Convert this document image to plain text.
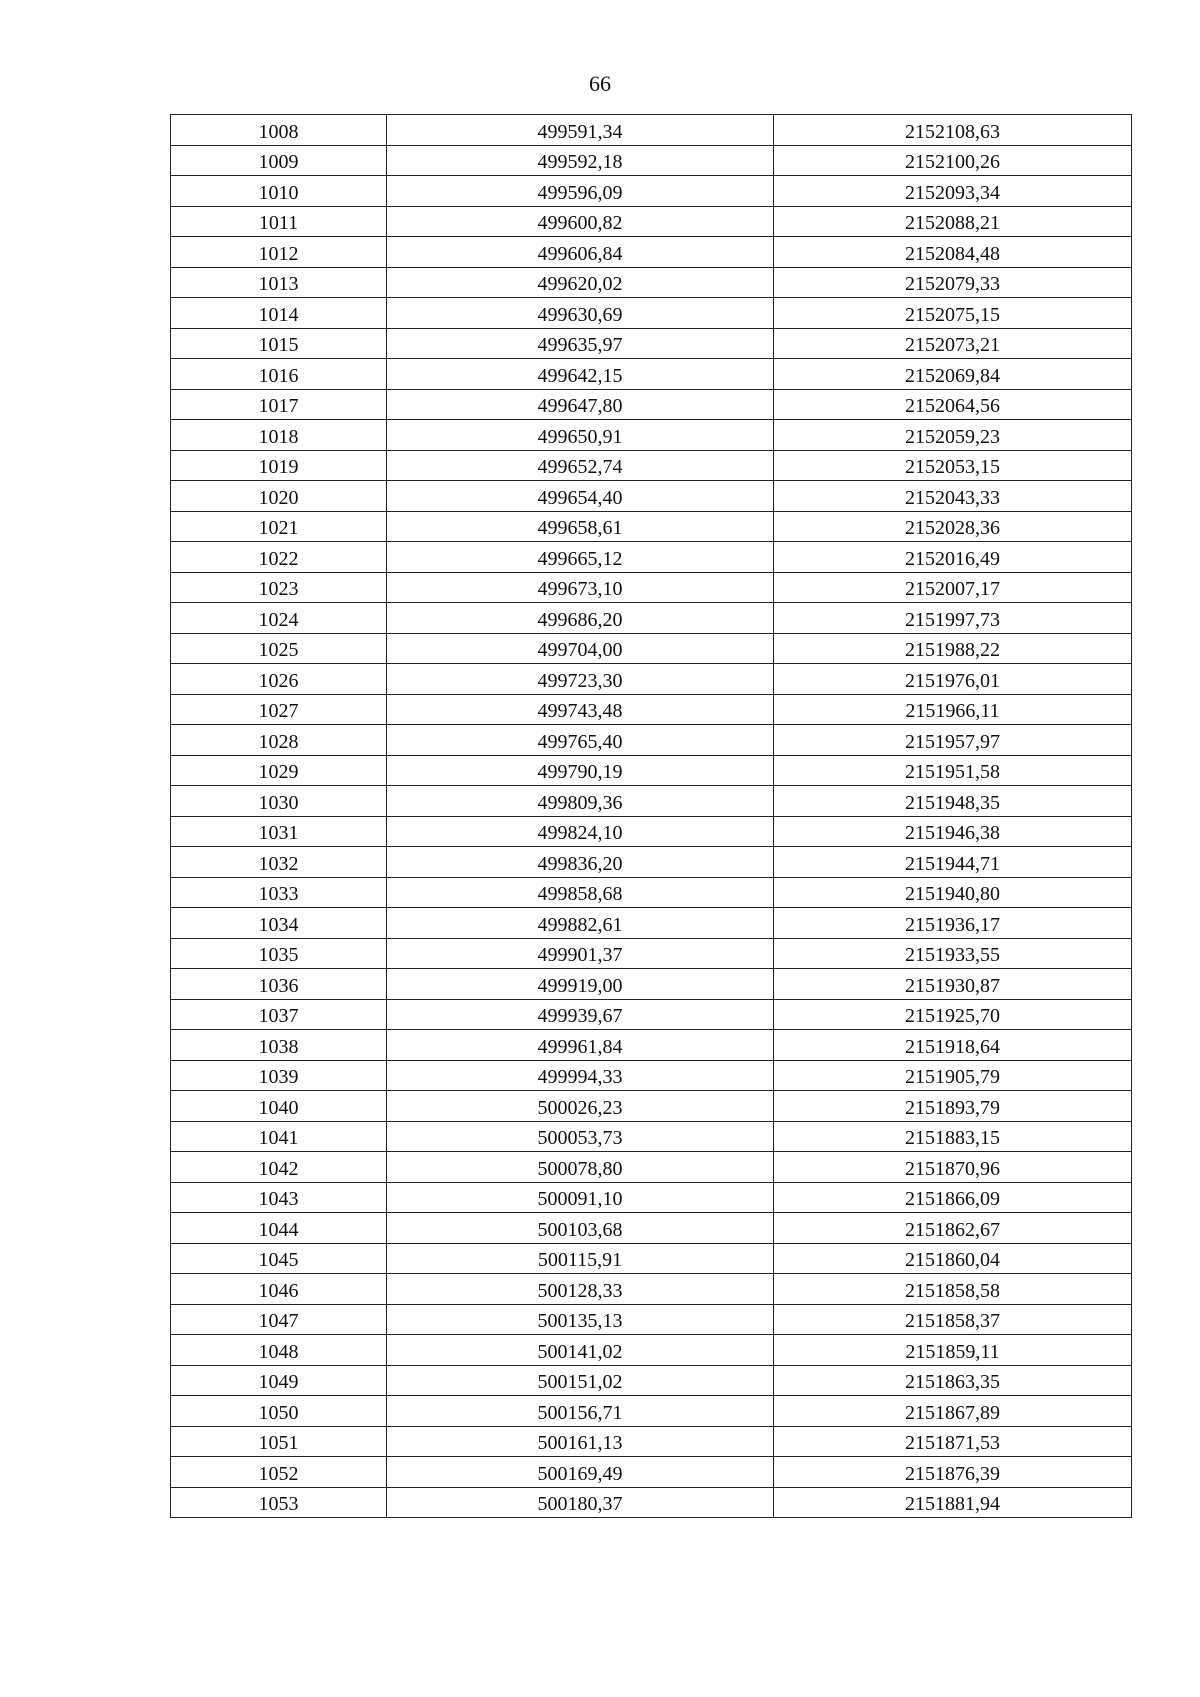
66
1008	499591,34	2152108,63
1009	499592,18	2152100,26
1010	499596,09	2152093,34
1011	499600,82	2152088,21
1012	499606,84	2152084,48
1013	499620,02	2152079,33
1014	499630,69	2152075,15
1015	499635,97	2152073,21
1016	499642,15	2152069,84
1017	499647,80	2152064,56
1018	499650,91	2152059,23
1019	499652,74	2152053,15
1020	499654,40	2152043,33
1021	499658,61	2152028,36
1022	499665,12	2152016,49
1023	499673,10	2152007,17
1024	499686,20	2151997,73
1025	499704,00	2151988,22
1026	499723,30	2151976,01
1027	499743,48	2151966,11
1028	499765,40	2151957,97
1029	499790,19	2151951,58
1030	499809,36	2151948,35
1031	499824,10	2151946,38
1032	499836,20	2151944,71
1033	499858,68	2151940,80
1034	499882,61	2151936,17
1035	499901,37	2151933,55
1036	499919,00	2151930,87
1037	499939,67	2151925,70
1038	499961,84	2151918,64
1039	499994,33	2151905,79
1040	500026,23	2151893,79
1041	500053,73	2151883,15
1042	500078,80	2151870,96
1043	500091,10	2151866,09
1044	500103,68	2151862,67
1045	500115,91	2151860,04
1046	500128,33	2151858,58
1047	500135,13	2151858,37
1048	500141,02	2151859,11
1049	500151,02	2151863,35
1050	500156,71	2151867,89
1051	500161,13	2151871,53
1052	500169,49	2151876,39
1053	500180,37	2151881,94
